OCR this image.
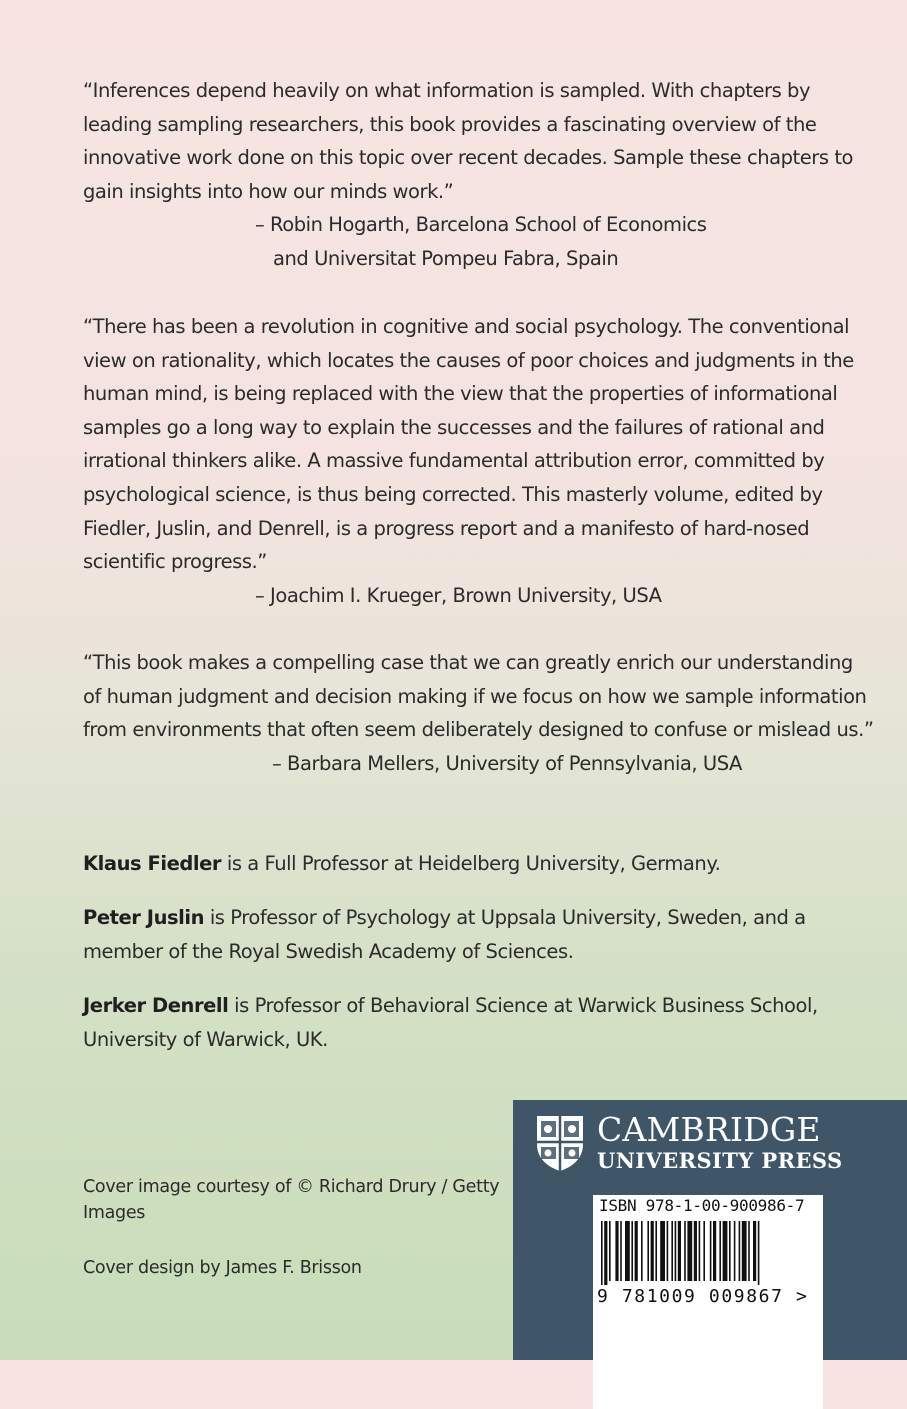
“Inferences depend heavily on what information is sampled. With chapters by
leading sampling researchers, this book provides a fascinating overview of the
innovative work done on this topic over recent decades. Sample these chapters to
gain insights into how our minds work.”
– Robin Hogarth, Barcelona School of Economics
and Universitat Pompeu Fabra, Spain
“There has been a revolution in cognitive and social psychology. The conventional
view on rationality, which locates the causes of poor choices and judgments in the
human mind, is being replaced with the view that the properties of informational
samples go a long way to explain the successes and the failures of rational and
irrational thinkers alike. A massive fundamental attribution error, committed by
psychological science, is thus being corrected. This masterly volume, edited by
Fiedler, Juslin, and Denrell, is a progress report and a manifesto of hard-nosed
scientific progress.”
– Joachim I. Krueger, Brown University, USA
“This book makes a compelling case that we can greatly enrich our understanding
of human judgment and decision making if we focus on how we sample information
from environments that often seem deliberately designed to confuse or mislead us.”
– Barbara Mellers, University of Pennsylvania, USA
Klaus Fiedler is a Full Professor at Heidelberg University, Germany.
Peter Juslin is Professor of Psychology at Uppsala University, Sweden, and a
member of the Royal Swedish Academy of Sciences.
Jerker Denrell is Professor of Behavioral Science at Warwick Business School,
University of Warwick, UK.
Cover image courtesy of © Richard Drury / Getty
Images
Cover design by James F. Brisson
CAMBRIDGE
UNIVERSITY PRESS
ISBN 978-1-00-900986-7
9 781009 009867 >
